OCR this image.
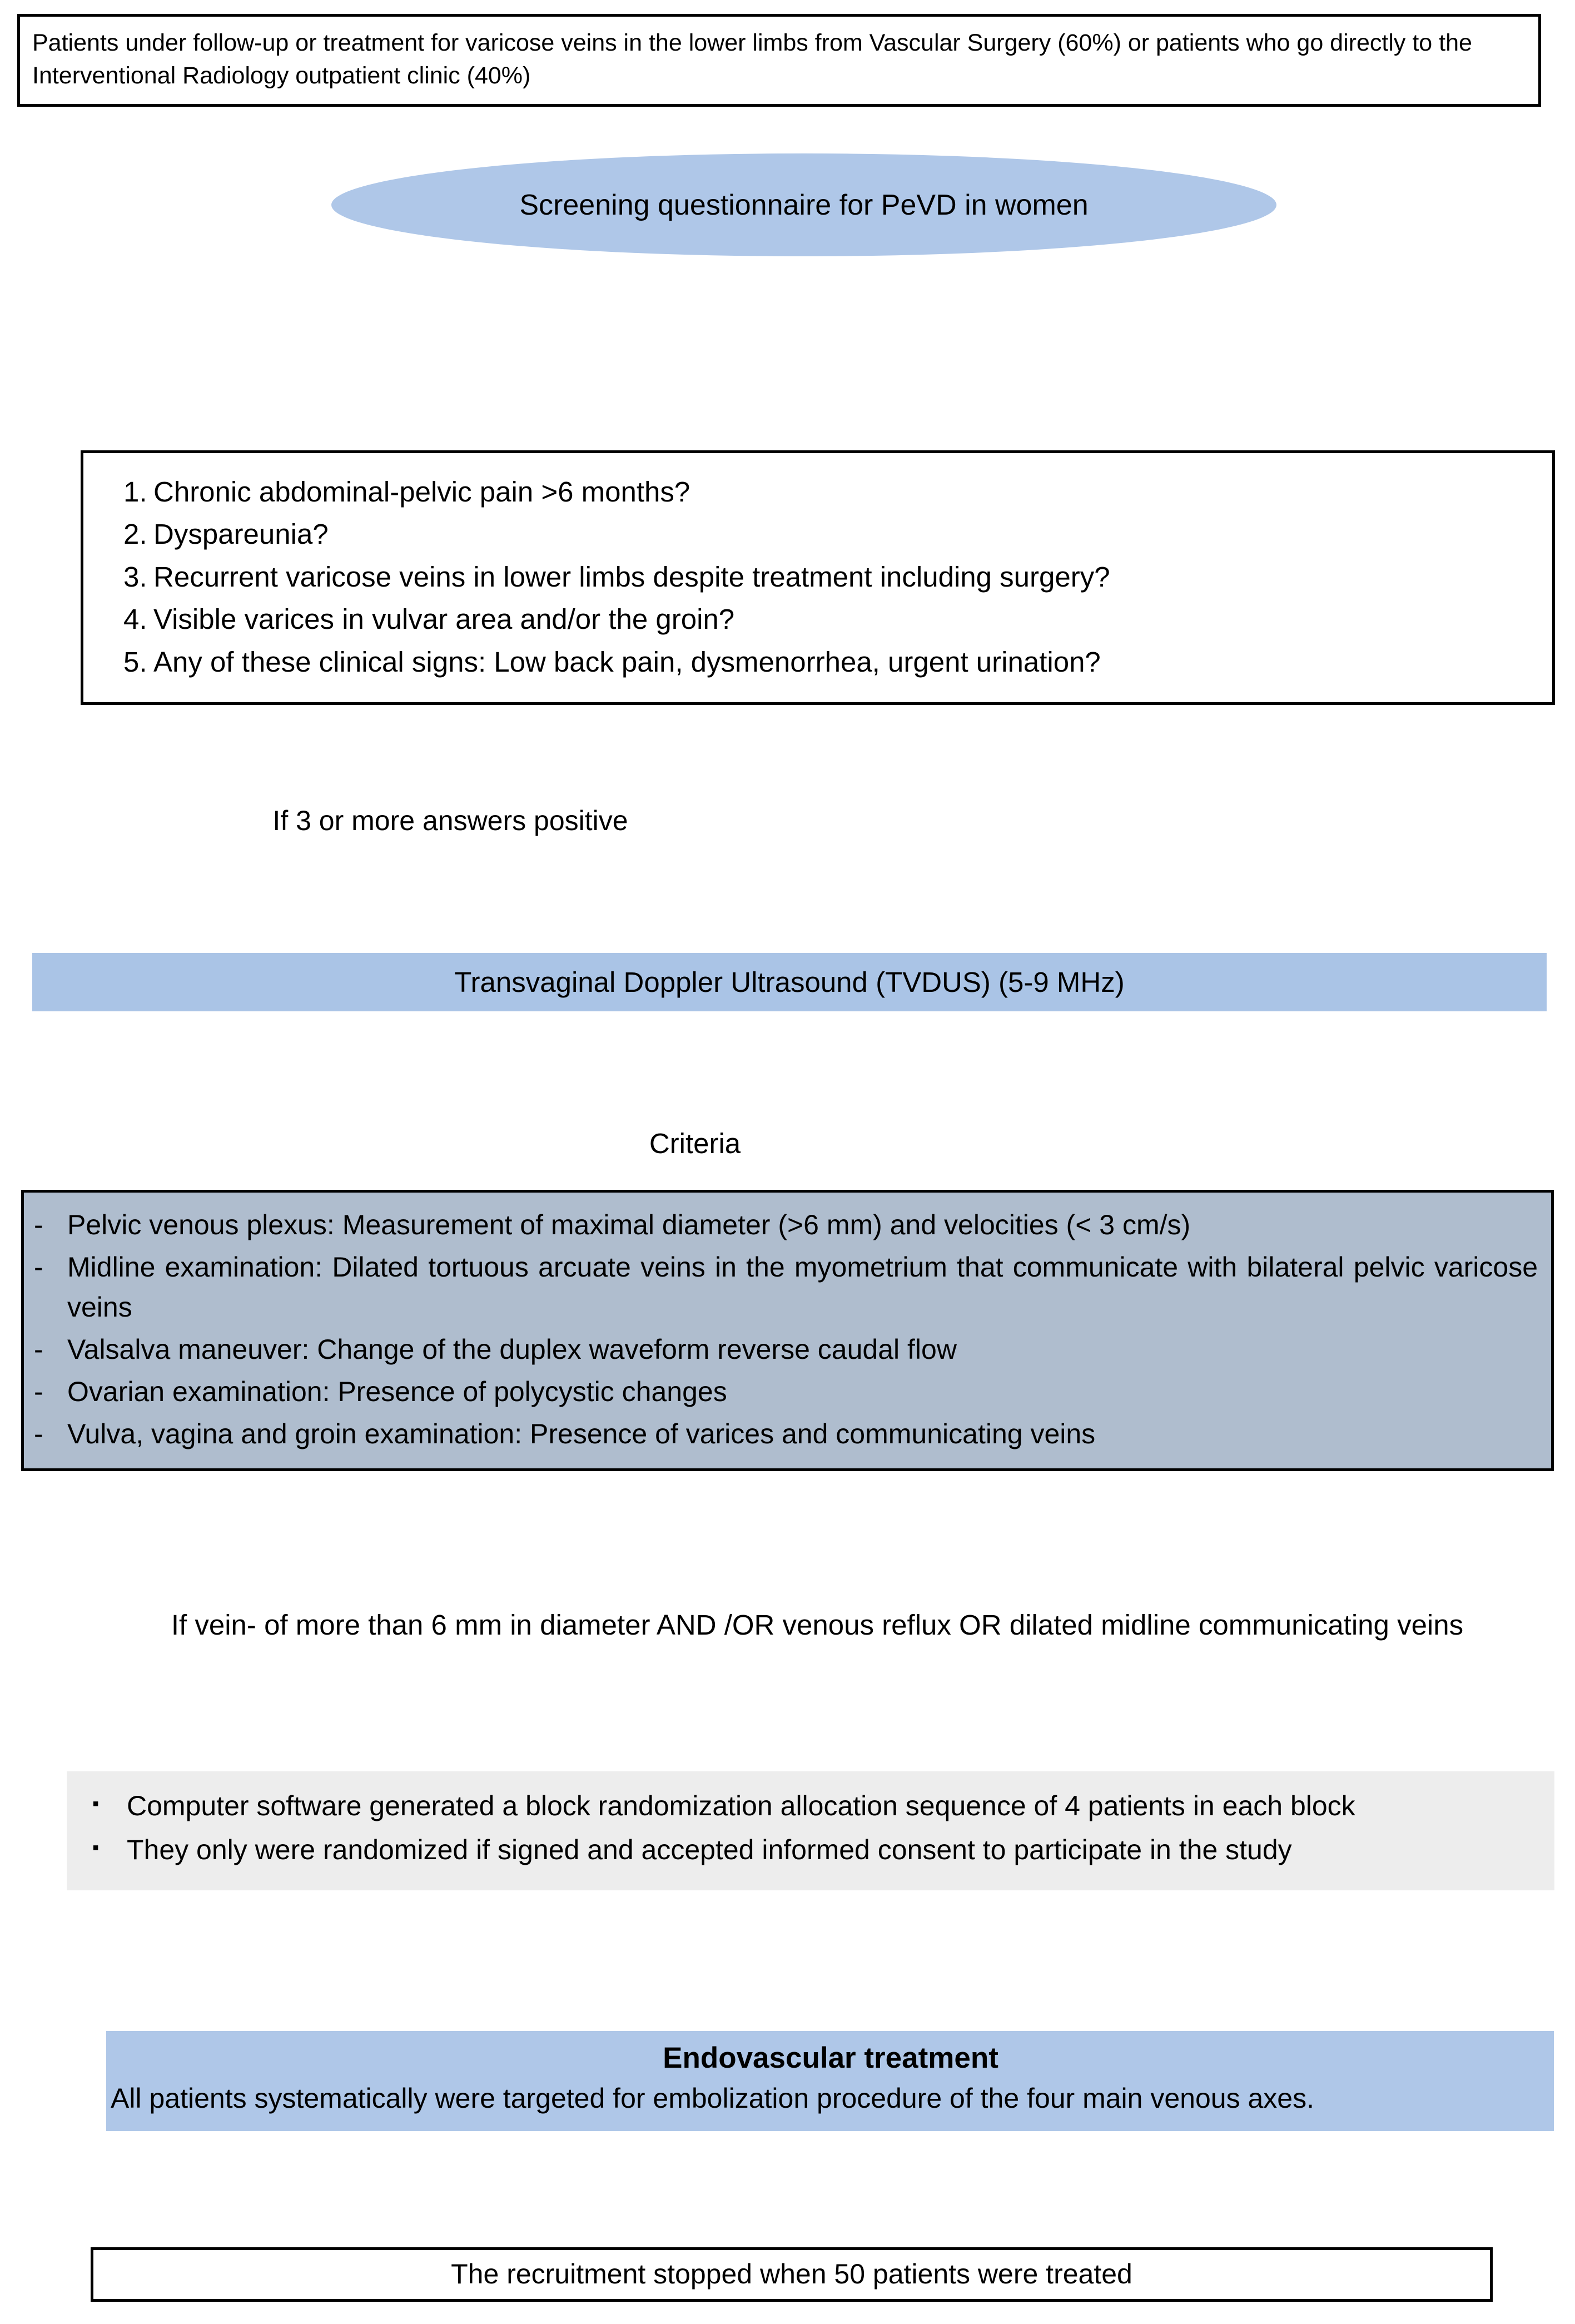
Patients under follow-up or treatment for varicose veins in the lower limbs from Vascular Surgery (60%) or patients who go directly to the Interventional Radiology outpatient clinic (40%)
Screening questionnaire for PeVD in women
1. Chronic abdominal-pelvic pain >6 months?
2. Dyspareunia?
3. Recurrent varicose veins in lower limbs despite treatment including surgery?
4. Visible varices in vulvar area and/or the groin?
5. Any of these clinical signs: Low back pain, dysmenorrhea, urgent urination?
If 3 or more answers positive
Transvaginal Doppler Ultrasound (TVDUS) (5-9 MHz)
Criteria
- Pelvic venous plexus: Measurement of maximal diameter (>6 mm) and velocities (< 3 cm/s)
- Midline examination: Dilated tortuous arcuate veins in the myometrium that communicate with bilateral pelvic varicose veins
- Valsalva maneuver: Change of the duplex waveform reverse caudal flow
- Ovarian examination: Presence of polycystic changes
- Vulva, vagina and groin examination: Presence of varices and communicating veins
If vein- of more than 6 mm in diameter AND /OR venous reflux OR dilated midline communicating veins
▪ Computer software generated a block randomization allocation sequence of 4 patients in each block
▪ They only were randomized if signed and accepted informed consent to participate in the study
Endovascular treatment
All patients systematically were targeted for embolization procedure of the four main venous axes.
The recruitment stopped when 50 patients were treated
